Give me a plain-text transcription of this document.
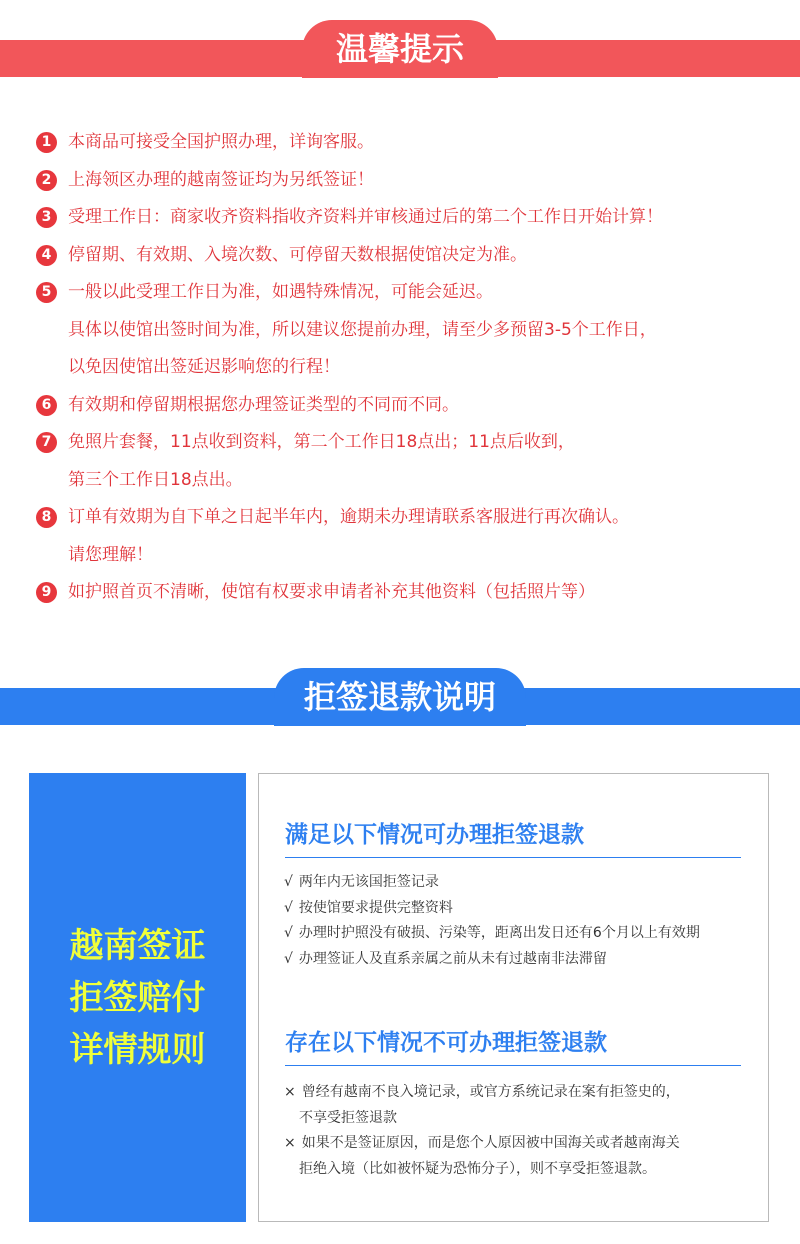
温馨提示
1 本商品可接受全国护照办理，详询客服。
2 上海领区办理的越南签证均为另纸签证！
3 受理工作日：商家收齐资料指收齐资料并审核通过后的第二个工作日开始计算！
4 停留期、有效期、入境次数、可停留天数根据使馆决定为准。
5 一般以此受理工作日为准，如遇特殊情况，可能会延迟。
具体以使馆出签时间为准，所以建议您提前办理，请至少多预留3-5个工作日，
以免因使馆出签延迟影响您的行程！
6 有效期和停留期根据您办理签证类型的不同而不同。
7 免照片套餐，11点收到资料，第二个工作日18点出；11点后收到，
第三个工作日18点出。
8 订单有效期为自下单之日起半年内，逾期未办理请联系客服进行再次确认。
请您理解！
9 如护照首页不清晰，使馆有权要求申请者补充其他资料（包括照片等）
拒签退款说明
越南签证
拒签赔付
详情规则
满足以下情况可办理拒签退款
√ 两年内无该国拒签记录
√ 按使馆要求提供完整资料
√ 办理时护照没有破损、污染等，距离出发日还有6个月以上有效期
√ 办理签证人及直系亲属之前从未有过越南非法滞留
存在以下情况不可办理拒签退款
× 曾经有越南不良入境记录，或官方系统记录在案有拒签史的，
不享受拒签退款
× 如果不是签证原因，而是您个人原因被中国海关或者越南海关
拒绝入境（比如被怀疑为恐怖分子），则不享受拒签退款。
